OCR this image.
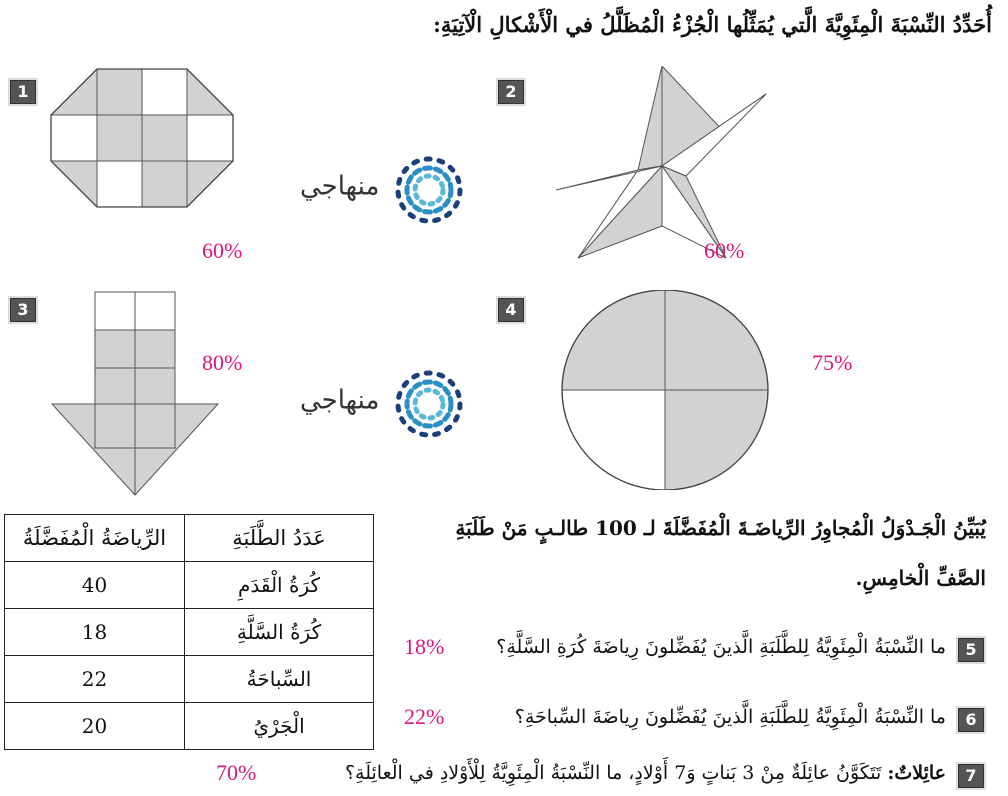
أُحَدِّدُ النِّسْبَةَ الْمِئَوِيَّةَ الَّتي يُمَثِّلُها الْجُزْءُ الْمُظَلَّلُ في الْأَشْكالِ الْآتِيَةِ:
1	2
3	4
60%	60%
منهاجي
منهاجي
80%	75%
يُبَيِّنُ الْجَـدْوَلُ الْمُجاوِرُ الرِّياضَـةَ الْمُفَضَّلَةَ لـ 100 طالـبٍ مَنْ طَلَبَةِ
الصَّفِّ الْخامِسِ.
عَدَدُ الطَّلَبَةِ	الرِّياضَةُ الْمُفَضَّلَةُ
كُرَةُ الْقَدَمِ	40
كُرَةُ السَّلَّةِ	18
السِّباحَةُ	22
الْجَرْيُ	20
5
ما النِّسْبَةُ الْمِئَوِيَّةُ لِلطَّلَبَةِ الَّذينَ يُفَضِّلونَ رِياضَةَ كُرَةِ السَّلَّةِ؟
18%
6
ما النِّسْبَةُ الْمِئَوِيَّةُ لِلطَّلَبَةِ الَّذينَ يُفَضِّلونَ رِياضَةَ السِّباحَةِ؟
22%
7
عائِلاتٌ: تَتَكَوَّنُ عائِلَةٌ مِنْ 3 بَناتٍ وَ7 أَوْلادٍ، ما النِّسْبَةُ الْمِئَوِيَّةُ لِلْأَوْلادِ في الْعائِلَةِ؟
70%
